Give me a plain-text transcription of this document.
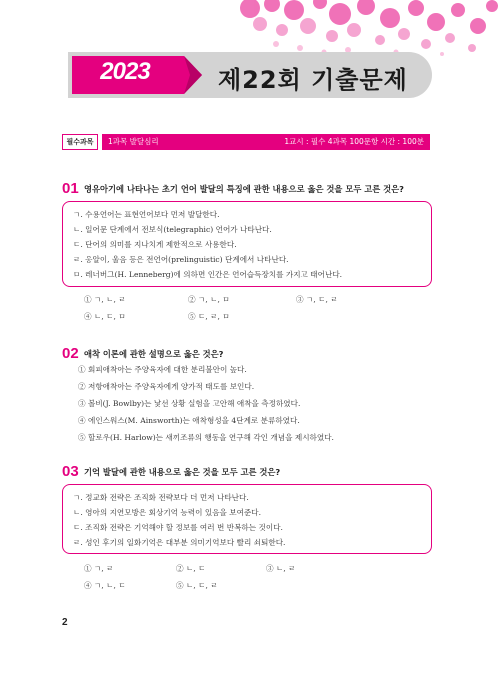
2023	제22회 기출문제
필수과목	1과목 발달심리	1교시 : 필수 4과목 100문항 시간 : 100분
01 영유아기에 나타나는 초기 언어 발달의 특징에 관한 내용으로 옳은 것을 모두 고른 것은?
ㄱ. 수용언어는 표현언어보다 먼저 발달한다.
ㄴ. 일어문 단계에서 전보식(telegraphic) 언어가 나타난다.
ㄷ. 단어의 의미를 지나치게 제한적으로 사용한다.
ㄹ. 옹알이, 울음 등은 전언어(prelinguistic) 단계에서 나타난다.
ㅁ. 레너버그(H. Lenneberg)에 의하면 인간은 언어습득장치를 가지고 태어난다.
① ㄱ, ㄴ, ㄹ	② ㄱ, ㄴ, ㅁ	③ ㄱ, ㄷ, ㄹ
④ ㄴ, ㄷ, ㅁ	⑤ ㄷ, ㄹ, ㅁ
02 애착 이론에 관한 설명으로 옳은 것은?
① 회피애착아는 주양육자에 대한 분리불안이 높다.
② 저항애착아는 주양육자에게 양가적 태도를 보인다.
③ 볼비(J. Bowlby)는 낯선 상황 실험을 고안해 애착을 측정하였다.
④ 에인스워스(M. Ainsworth)는 애착형성을 4단계로 분류하였다.
⑤ 할로우(H. Harlow)는 새끼조류의 행동을 연구해 각인 개념을 제시하였다.
03 기억 발달에 관한 내용으로 옳은 것을 모두 고른 것은?
ㄱ. 정교화 전략은 조직화 전략보다 더 먼저 나타난다.
ㄴ. 영아의 지연모방은 회상기억 능력이 있음을 보여준다.
ㄷ. 조직화 전략은 기억해야 할 정보를 여러 번 반복하는 것이다.
ㄹ. 성인 후기의 일화기억은 대부분 의미기억보다 빨리 쇠퇴한다.
① ㄱ, ㄹ	② ㄴ, ㄷ	③ ㄴ, ㄹ
④ ㄱ, ㄴ, ㄷ	⑤ ㄴ, ㄷ, ㄹ
2
